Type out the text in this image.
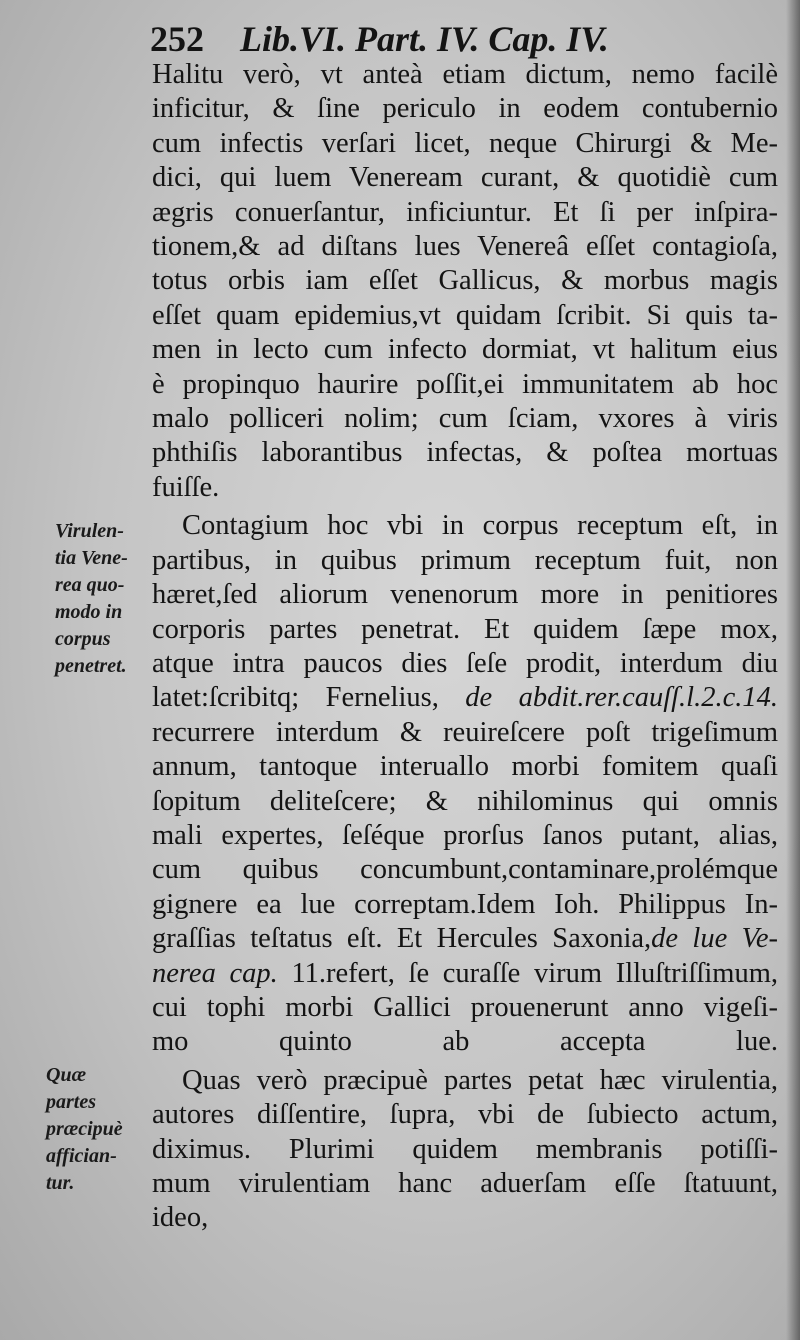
252 Lib.VI. Part. IV. Cap. IV.
Halitu verò, vt anteà etiam dictum, nemo facilè
inficitur, & ſine periculo in eodem contubernio
cum infectis verſari licet, neque Chirurgi & Me-
dici, qui luem Veneream curant, & quotidiè cum
ægris conuerſantur, inficiuntur. Et ſi per inſpira-
tionem,& ad diſtans lues Venereâ eſſet contagioſa,
totus orbis iam eſſet Gallicus, & morbus magis
eſſet quam epidemius,vt quidam ſcribit. Si quis ta-
men in lecto cum infecto dormiat, vt halitum eius
è propinquo haurire poſſit,ei immunitatem ab hoc
malo polliceri nolim; cum ſciam, vxores à viris
phthiſis laborantibus infectas, & poſtea mortuas
fuiſſe.
Contagium hoc vbi in corpus receptum eſt, in
partibus, in quibus primum receptum fuit, non
hæret,ſed aliorum venenorum more in penitiores
corporis partes penetrat. Et quidem ſæpe mox,
atque intra paucos dies ſeſe prodit, interdum diu
latet:ſcribitq; Fernelius, de abdit.rer.cauſſ.l.2.c.14.
recurrere interdum & reuireſcere poſt trigeſimum
annum, tantoque interuallo morbi fomitem quaſi
ſopitum deliteſcere; & nihilominus qui omnis
mali expertes, ſeſéque prorſus ſanos putant, alias,
cum quibus concumbunt,contaminare,prolémque
gignere ea lue correptam.Idem Ioh. Philippus In-
graſſias teſtatus eſt. Et Hercules Saxonia,de lue Ve-
nerea cap. 11.refert, ſe curaſſe virum Illuſtriſſimum,
cui tophi morbi Gallici prouenerunt anno vigeſi-
mo quinto ab accepta lue.
Quas verò præcipuè partes petat hæc virulentia,
autores diſſentire, ſupra, vbi de ſubiecto actum,
diximus. Plurimi quidem membranis potiſſi-
mum virulentiam hanc aduerſam eſſe ſtatuunt,
ideo,
Virulen-
tia Vene-
rea quo-
modo in
corpus
penetret.
Quæ
partes
præcipuè
affician-
tur.
